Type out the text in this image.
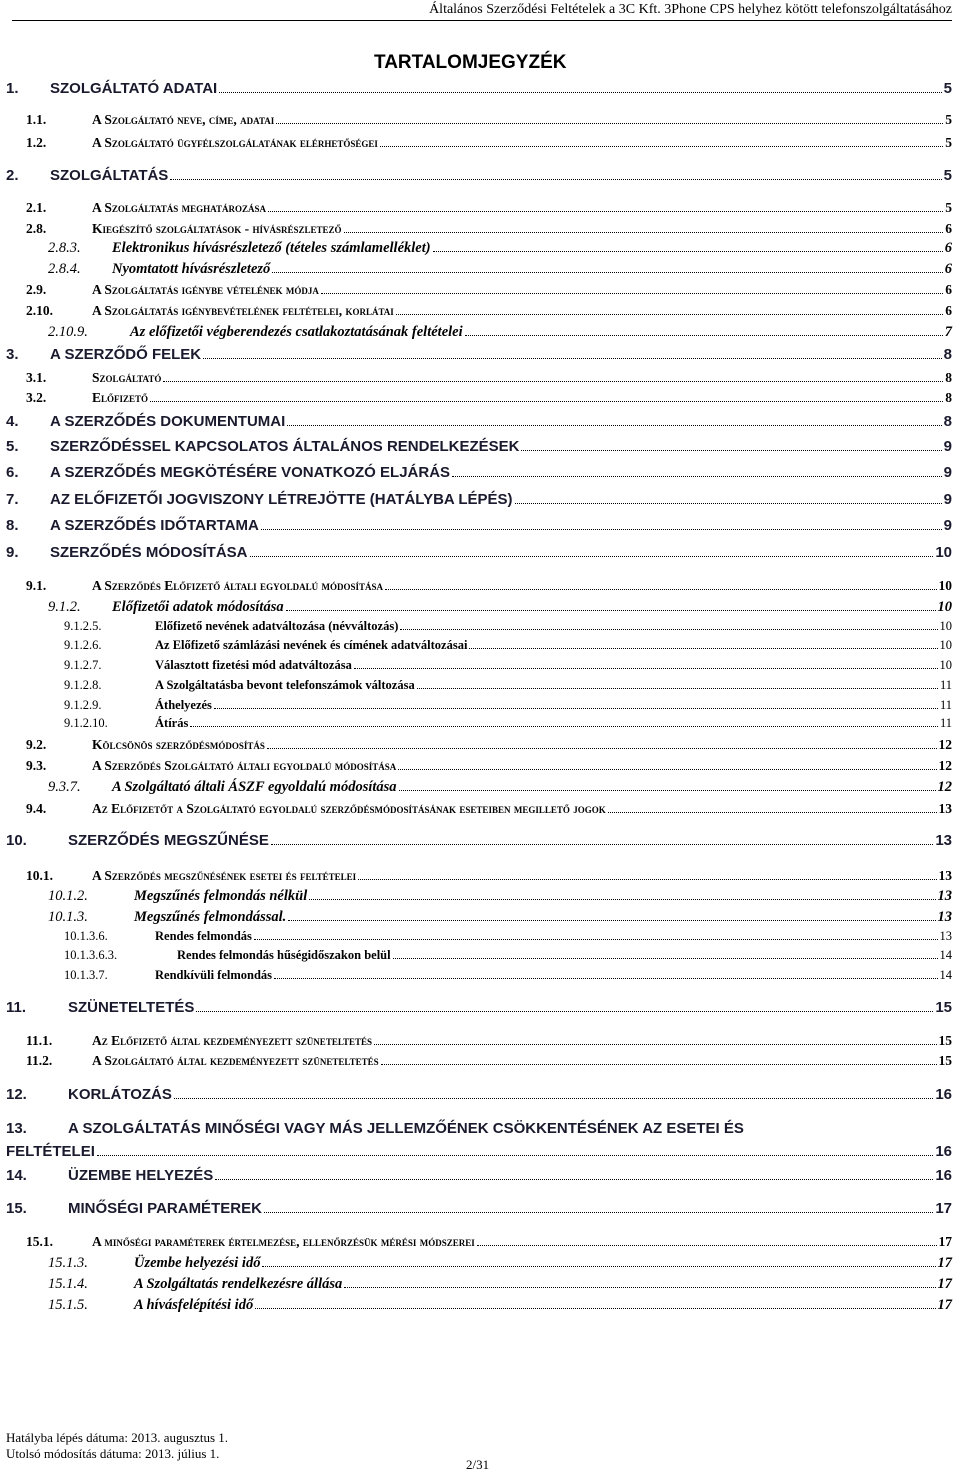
Általános Szerződési Feltételek a 3C Kft. 3Phone CPS helyhez kötött telefonszolgáltatásához
TARTALOMJEGYZÉK
1.	SZOLGÁLTATÓ ADATAI	5
1.1.	A Szolgáltató neve, címe, adatai	5
1.2.	A Szolgáltató ügyfélszolgálatának elérhetőségei	5
2.	SZOLGÁLTATÁS	5
2.1.	A Szolgáltatás meghatározása	5
2.8.	Kiegészítő szolgáltatások - hívásrészletező	6
2.8.3.	Elektronikus hívásrészletező (tételes számlamelléklet)	6
2.8.4.	Nyomtatott hívásrészletező	6
2.9.	A Szolgáltatás igénybe vételének módja	6
2.10.	A Szolgáltatás igénybevételének feltételei, korlátai	6
2.10.9.	Az előfizetői végberendezés csatlakoztatásának feltételei	7
3.	A SZERZŐDŐ FELEK	8
3.1.	Szolgáltató	8
3.2.	Előfizető	8
4.	A SZERZŐDÉS DOKUMENTUMAI	8
5.	SZERZŐDÉSSEL KAPCSOLATOS ÁLTALÁNOS RENDELKEZÉSEK	9
6.	A SZERZŐDÉS MEGKÖTÉSÉRE VONATKOZÓ ELJÁRÁS	9
7.	AZ ELŐFIZETŐI JOGVISZONY LÉTREJÖTTE (HATÁLYBA LÉPÉS)	9
8.	A SZERZŐDÉS IDŐTARTAMA	9
9.	SZERZŐDÉS MÓDOSÍTÁSA	10
9.1.	A Szerződés Előfizető általi egyoldalú módosítása	10
9.1.2.	Előfizetői adatok módosítása	10
9.1.2.5.	Előfizető nevének adatváltozása (névváltozás)	10
9.1.2.6.	Az Előfizető számlázási nevének és címének adatváltozásai	10
9.1.2.7.	Választott fizetési mód adatváltozása	10
9.1.2.8.	A Szolgáltatásba bevont telefonszámok változása	11
9.1.2.9.	Áthelyezés	11
9.1.2.10.	Átírás	11
9.2.	Kölcsönös szerződésmódosítás	12
9.3.	A Szerződés Szolgáltató általi egyoldalú módosítása	12
9.3.7.	A Szolgáltató általi ÁSZF egyoldalú módosítása	12
9.4.	Az Előfizetőt a Szolgáltató egyoldalú szerződésmódosításának eseteiben megillető jogok	13
10.	SZERZŐDÉS MEGSZŰNÉSE	13
10.1.	A Szerződés megszűnésének esetei és feltételei	13
10.1.2.	Megszűnés felmondás nélkül	13
10.1.3.	Megszűnés felmondással.	13
10.1.3.6.	Rendes felmondás	13
10.1.3.6.3.	Rendes felmondás hűségidőszakon belül	14
10.1.3.7.	Rendkívüli felmondás	14
11.	SZÜNETELTETÉS	15
11.1.	Az Előfizető által kezdeményezett szüneteltetés	15
11.2.	A Szolgáltató által kezdeményezett szüneteltetés	15
12.	KORLÁTOZÁS	16
13.	A SZOLGÁLTATÁS MINŐSÉGI VAGY MÁS JELLEMZŐÉNEK CSÖKKENTÉSÉNEK AZ ESETEI ÉS
FELTÉTELEI	16
14.	ÜZEMBE HELYEZÉS	16
15.	MINŐSÉGI PARAMÉTEREK	17
15.1.	A minőségi paraméterek értelmezése, ellenőrzésük mérési módszerei	17
15.1.3.	Üzembe helyezési idő	17
15.1.4.	A Szolgáltatás rendelkezésre állása	17
15.1.5.	A hívásfelépítési idő	17
Hatályba lépés dátuma: 2013. augusztus 1.
Utolsó módosítás dátuma: 2013. július 1.
2/31
